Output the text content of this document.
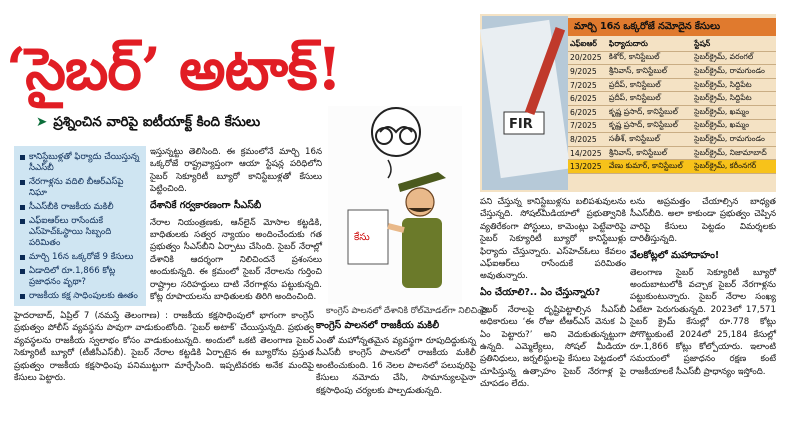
‘సైబర్’ అటాక్!
➤ ప్రశ్నించిన వారిపై ఐటీయాక్ట్ కింది కేసులు
కానిస్టేబుళ్లతో ఫిర్యాదు చేయిస్తున్న సీఎస్‌బీ
నేరగాళ్లను వదిలి బీఆర్‌ఎస్‌పై నిఘా
సీఎస్‌బీకి రాజకీయ మకిలీ
ఎఫ్ఐఆర్‌లు రాసేందుకే ఎస్‌హెచ్‌ఓస్థాయి సిబ్బంది పరిమితం
మార్చి 16న ఒక్కరోజే 9 కేసులు
ఏడాదిలో రూ.1,866 కోట్ల ప్రజాధనం వృథా?
రాజకీయ కక్ష సాధింపులకు ఊతం
హైదరాబాద్‌, ఏప్రిల్‌ 7 (నమస్తే తెలంగాణ) : రాజకీయ కక్షసాధింపులో భాగంగా కాంగ్రెస్‌ ప్రభుత్వం పోలీస్‌ వ్యవస్థను పావుగా వాడుకుంటోంది. ‘సైబర్‌ అటాక్‌’ చేయిస్తున్నది. ప్రభుత్వ వ్యవస్థలను రాజకీయ స్వలాభం కోసం వాడుకుంటున్నది. అందులో ఒకటి తెలంగాణ సైబర్‌ సెక్యూరిటీ బ్యూరో (టీజీసీఎస్‌బీ). సైబర్‌ నేరాల కట్టడికి ఏర్పాటైన ఈ బ్యూరోను ప్రస్తుత ప్రభుత్వం రాజకీయ కక్షసాధింపు పనిముట్టుగా మార్చేసింది. ఇప్పటివరకు అనేక మందిపై కేసులు పెట్టారు.
ఇస్తున్నట్టు తెలిసింది. ఈ క్రమంలోనే మార్చి 16న ఒక్కరోజే రాష్ట్రవ్యాప్తంగా ఆయా స్టేషన్ల పరిధిలోని సైబర్‌ సెక్యూరిటీ బ్యూరో కానిస్టేబుళ్లతో కేసులు పెట్టించింది.
దేశానికే గర్వకారణంగా సీఎస్‌బీ
నేరాల నియంత్రణకు, ఆన్‌లైన్‌ మోసాల కట్టడికి, బాధితులకు సత్వర న్యాయం అందించేందుకు గత ప్రభుత్వం సీఎస్‌బీని ఏర్పాటు చేసింది. సైబర్‌ నేరాల్లో దేశానికి ఆదర్శంగా నిలిచిందనే ప్రశంసలు అందుకున్నది. ఈ క్రమంలో సైబర్‌ నేరాలను గుర్తించి రాష్ట్రాల సరిహద్దులు దాటి నేరగాళ్లను పట్టుకున్నది. కోట్ల రూపాయలను బాధితులకు తిరిగి అందించింది.
కేసు
కాంగ్రెస్‌ పాలనలో దేశానికి రోల్‌మోడల్‌గా నిలిచింది.
కాంగ్రెస్‌ పాలనలో రాజకీయ మకిలీ
ఎంతో మహోన్నతమైన వ్యవస్థగా రూపుదిద్దుకున్న సీఎస్‌బీ కాంగ్రెస్‌ పాలనలో రాజకీయ మకిలీ అంటించుకుంది. 16 నెలల పాలనలో పలువురిపై కేసులు నమోదు చేసి, సామాన్యులపైనా కక్షసాధింపు చర్యలకు పాల్పడుతున్నది.
FIR
మార్చి 16న ఒక్కరోజే నమోదైన కేసులు
ఎఫ్ఐఆర్	ఫిర్యాదుదారు	స్టేషన్
20/2025	కిశోర్‌, కానిస్టేబుల్	సైబర్‌క్రైమ్‌, వరంగల్
9/2025	శ్రీనివాస్‌, కానిస్టేబుల్	సైబర్‌క్రైమ్‌, రామగుండం
7/2025	ప్రదీప్‌, కానిస్టేబుల్	సైబర్‌క్రైమ్‌, సిద్దిపేట
6/2025	ప్రదీప్‌, కానిస్టేబుల్	సైబర్‌క్రైమ్‌, సిద్దిపేట
6/2025	కృష్ణ ప్రసాద్‌, కానిస్టేబుల్	సైబర్‌క్రైమ్‌, ఖమ్మం
7/2025	కృష్ణ ప్రసాద్‌, కానిస్టేబుల్	సైబర్‌క్రైమ్‌, ఖమ్మం
8/2025	సతీశ్‌, కానిస్టేబుల్	సైబర్‌క్రైమ్‌, రామగుండం
14/2025	శ్రీనివాస్‌, కానిస్టేబుల్	సైబర్‌క్రైమ్‌, నిజామాబాద్
13/2025	వేణు కుమార్‌, కానిస్టేబుల్	సైబర్‌క్రైమ్‌, కరీంనగర్
పని చేస్తున్న కానిస్టేబుళ్లను బలిపశువులను చేస్తున్నది. సోషల్‌మీడియాలో ప్రభుత్వానికి వ్యతిరేకంగా పోస్టులు, కామెంట్లు పెట్టేవారిపై సైబర్‌ సెక్యూరిటీ బ్యూరో కానిస్టేబుళ్లు ఫిర్యాదు చేస్తున్నారు. ఎస్‌హెచ్‌ఓలు కేవలం ఎఫ్‌ఐఆర్‌లు రాసేందుకే పరిమితం అవుతున్నారు.
ఏం చేయాలి?.. ఏం చేస్తున్నారు?
సైబర్‌ నేరాలపై దృష్టిపెట్టాల్సిన సీఎస్‌బీ అధికారులు ‘ఈ రోజు టీఆర్‌ఎస్‌ వెనుక ఏ ఏం పెట్టారు?’ అని వెదుకుతున్నట్టుగా ఉన్నది. ఎమ్మెల్యేలు, సోషల్‌ మీడియా ప్రతినిధులు, జర్నలిస్టులపై కేసులు పెట్టడంలో చూపిస్తున్న ఉత్సాహం సైబర్‌ నేరగాళ్ల పై చూపడం లేదు.
లను అప్రమత్తం చేయాల్సిన బాధ్యత సీఎస్‌బీది. అలా కాకుండా ప్రభుత్వం చెప్పిన వారిపై కేసులు పెట్టడం విమర్శలకు దారితీస్తున్నది.
వేలకోట్లలో మహాదాహం!
తెలంగాణ సైబర్‌ సెక్యూరిటీ బ్యూరో అందుబాటులోకి వచ్చాక సైబర్‌ నేరగాళ్లను పట్టుకుంటున్నారు. సైబర్‌ నేరాల సంఖ్య ఏటేటా పెరుగుతున్నది. 2023లో 17,571 సైబర్‌ క్రైమ్‌ కేసుల్లో రూ.778 కోట్లు పోగొట్టుకుంటే 2024లో 25,184 కేసుల్లో రూ.1,866 కోట్లు కోల్పోయారు. ఇలాంటి సమయంలో ప్రజాధనం రక్షణ కంటే రాజకీయాలకే సీఎస్‌బీ ప్రాధాన్యం ఇస్తోంది.
